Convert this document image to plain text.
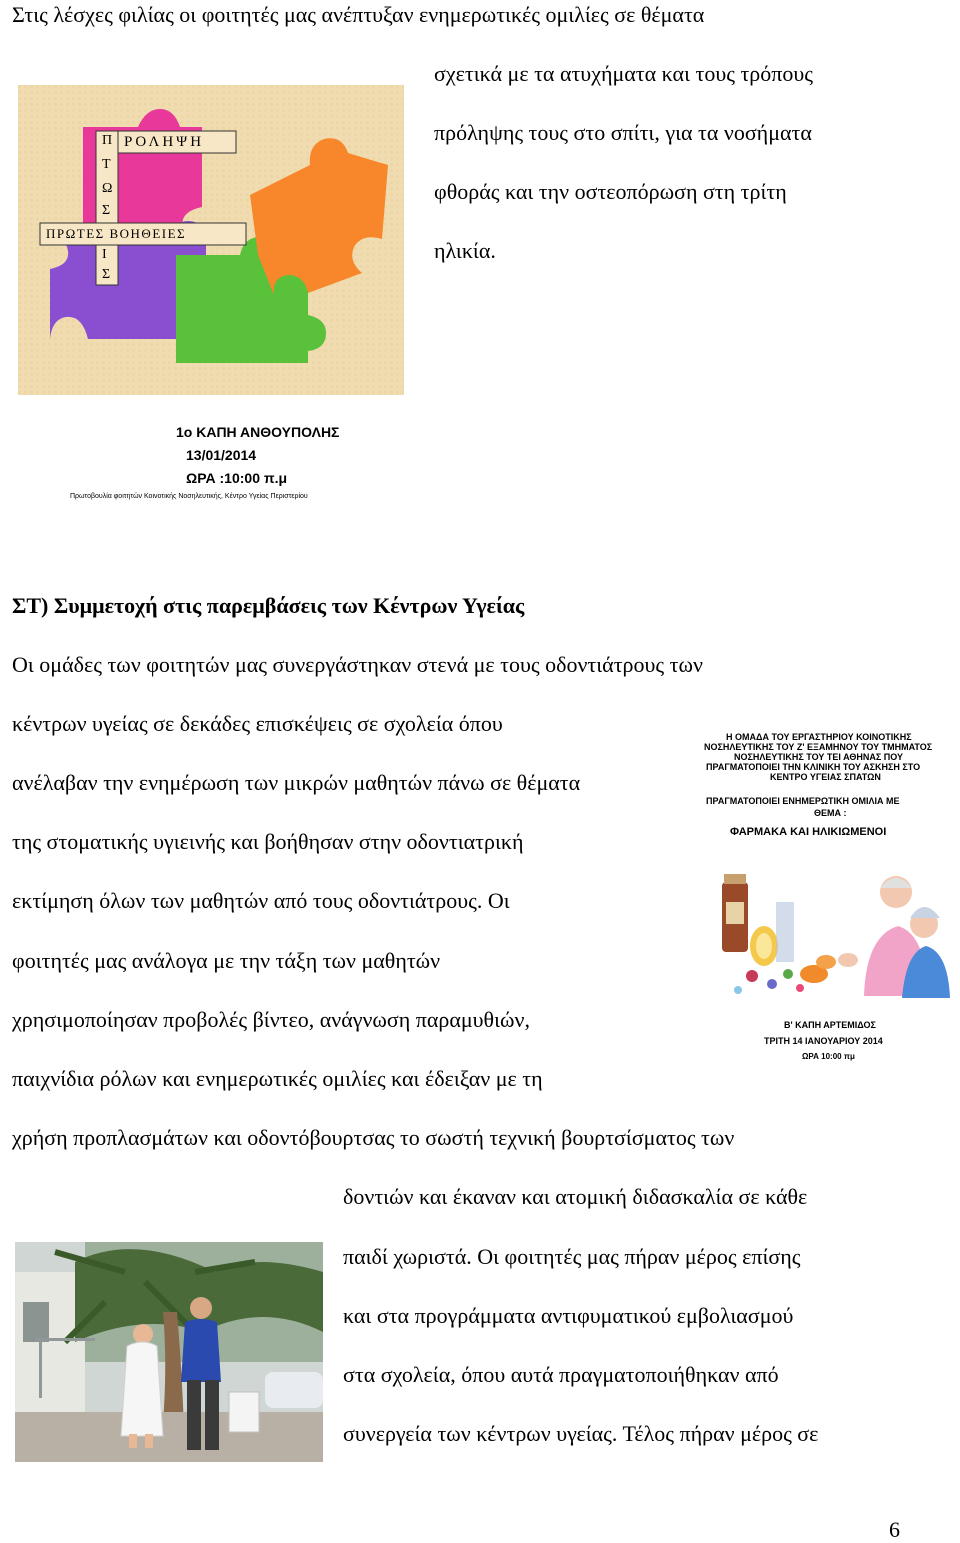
Στις λέσχες φιλίας οι φοιτητές μας ανέπτυξαν ενημερωτικές ομιλίες σε θέματα
σχετικά με τα ατυχήματα και τους τρόπους
πρόληψης τους στο σπίτι, για τα νοσήματα
φθοράς και την οστεοπόρωση στη τρίτη
ηλικία.
Π
Τ
Ω
Σ
Ι
Σ
ΡΟΛΗΨΗ
ΠΡΩΤΕΣ ΒΟΗΘΕΙΕΣ
1ο ΚΑΠΗ ΑΝΘΟΥΠΟΛΗΣ
13/01/2014
ΩΡΑ :10:00 π.μ
Πρωτοβουλία φοιτητών Κοινοτικής Νοσηλευτικής, Κέντρο Υγείας Περιστερίου
ΣΤ) Συμμετοχή στις παρεμβάσεις των Κέντρων Υγείας
Οι ομάδες των φοιτητών μας συνεργάστηκαν στενά με τους οδοντιάτρους των
κέντρων υγείας σε δεκάδες επισκέψεις σε σχολεία όπου
ανέλαβαν την ενημέρωση των μικρών μαθητών πάνω σε θέματα
της στοματικής υγιεινής και βοήθησαν στην οδοντιατρική
εκτίμηση όλων των μαθητών από τους οδοντιάτρους. Οι
φοιτητές μας ανάλογα με την τάξη των μαθητών
χρησιμοποίησαν προβολές βίντεο, ανάγνωση παραμυθιών,
παιχνίδια ρόλων και ενημερωτικές ομιλίες και έδειξαν με τη
χρήση προπλασμάτων και οδοντόβουρτσας το σωστή τεχνική βουρτσίσματος των
δοντιών και έκαναν και ατομική διδασκαλία σε κάθε
παιδί χωριστά. Οι φοιτητές μας πήραν μέρος επίσης
και στα προγράμματα αντιφυματικού εμβολιασμού
στα σχολεία, όπου αυτά πραγματοποιήθηκαν από
συνεργεία των κέντρων υγείας. Τέλος πήραν μέρος σε
Η ΟΜΑΔΑ ΤΟΥ ΕΡΓΑΣΤΗΡΙΟΥ ΚΟΙΝΟΤΙΚΗΣ
ΝΟΣΗΛΕΥΤΙΚΗΣ ΤΟΥ Ζ' ΕΞΑΜΗΝΟΥ ΤΟΥ ΤΜΗΜΑΤΟΣ
ΝΟΣΗΛΕΥΤΙΚΗΣ ΤΟΥ ΤΕΙ ΑΘΗΝΑΣ ΠΟΥ
ΠΡΑΓΜΑΤΟΠΟΙΕΙ ΤΗΝ ΚΛΙΝΙΚΗ ΤΟΥ ΑΣΚΗΣΗ ΣΤΟ
ΚΕΝΤΡΟ ΥΓΕΙΑΣ ΣΠΑΤΩΝ
ΠΡΑΓΜΑΤΟΠΟΙΕΙ ΕΝΗΜΕΡΩΤΙΚΗ ΟΜΙΛΙΑ ΜΕ
ΘΕΜΑ :
ΦΑΡΜΑΚΑ ΚΑΙ ΗΛΙΚΙΩΜΕΝΟΙ
Β' ΚΑΠΗ ΑΡΤΕΜΙΔΟΣ
ΤΡΙΤΗ 14 ΙΑΝΟΥΑΡΙΟΥ 2014
ΩΡΑ 10:00 πμ
6
